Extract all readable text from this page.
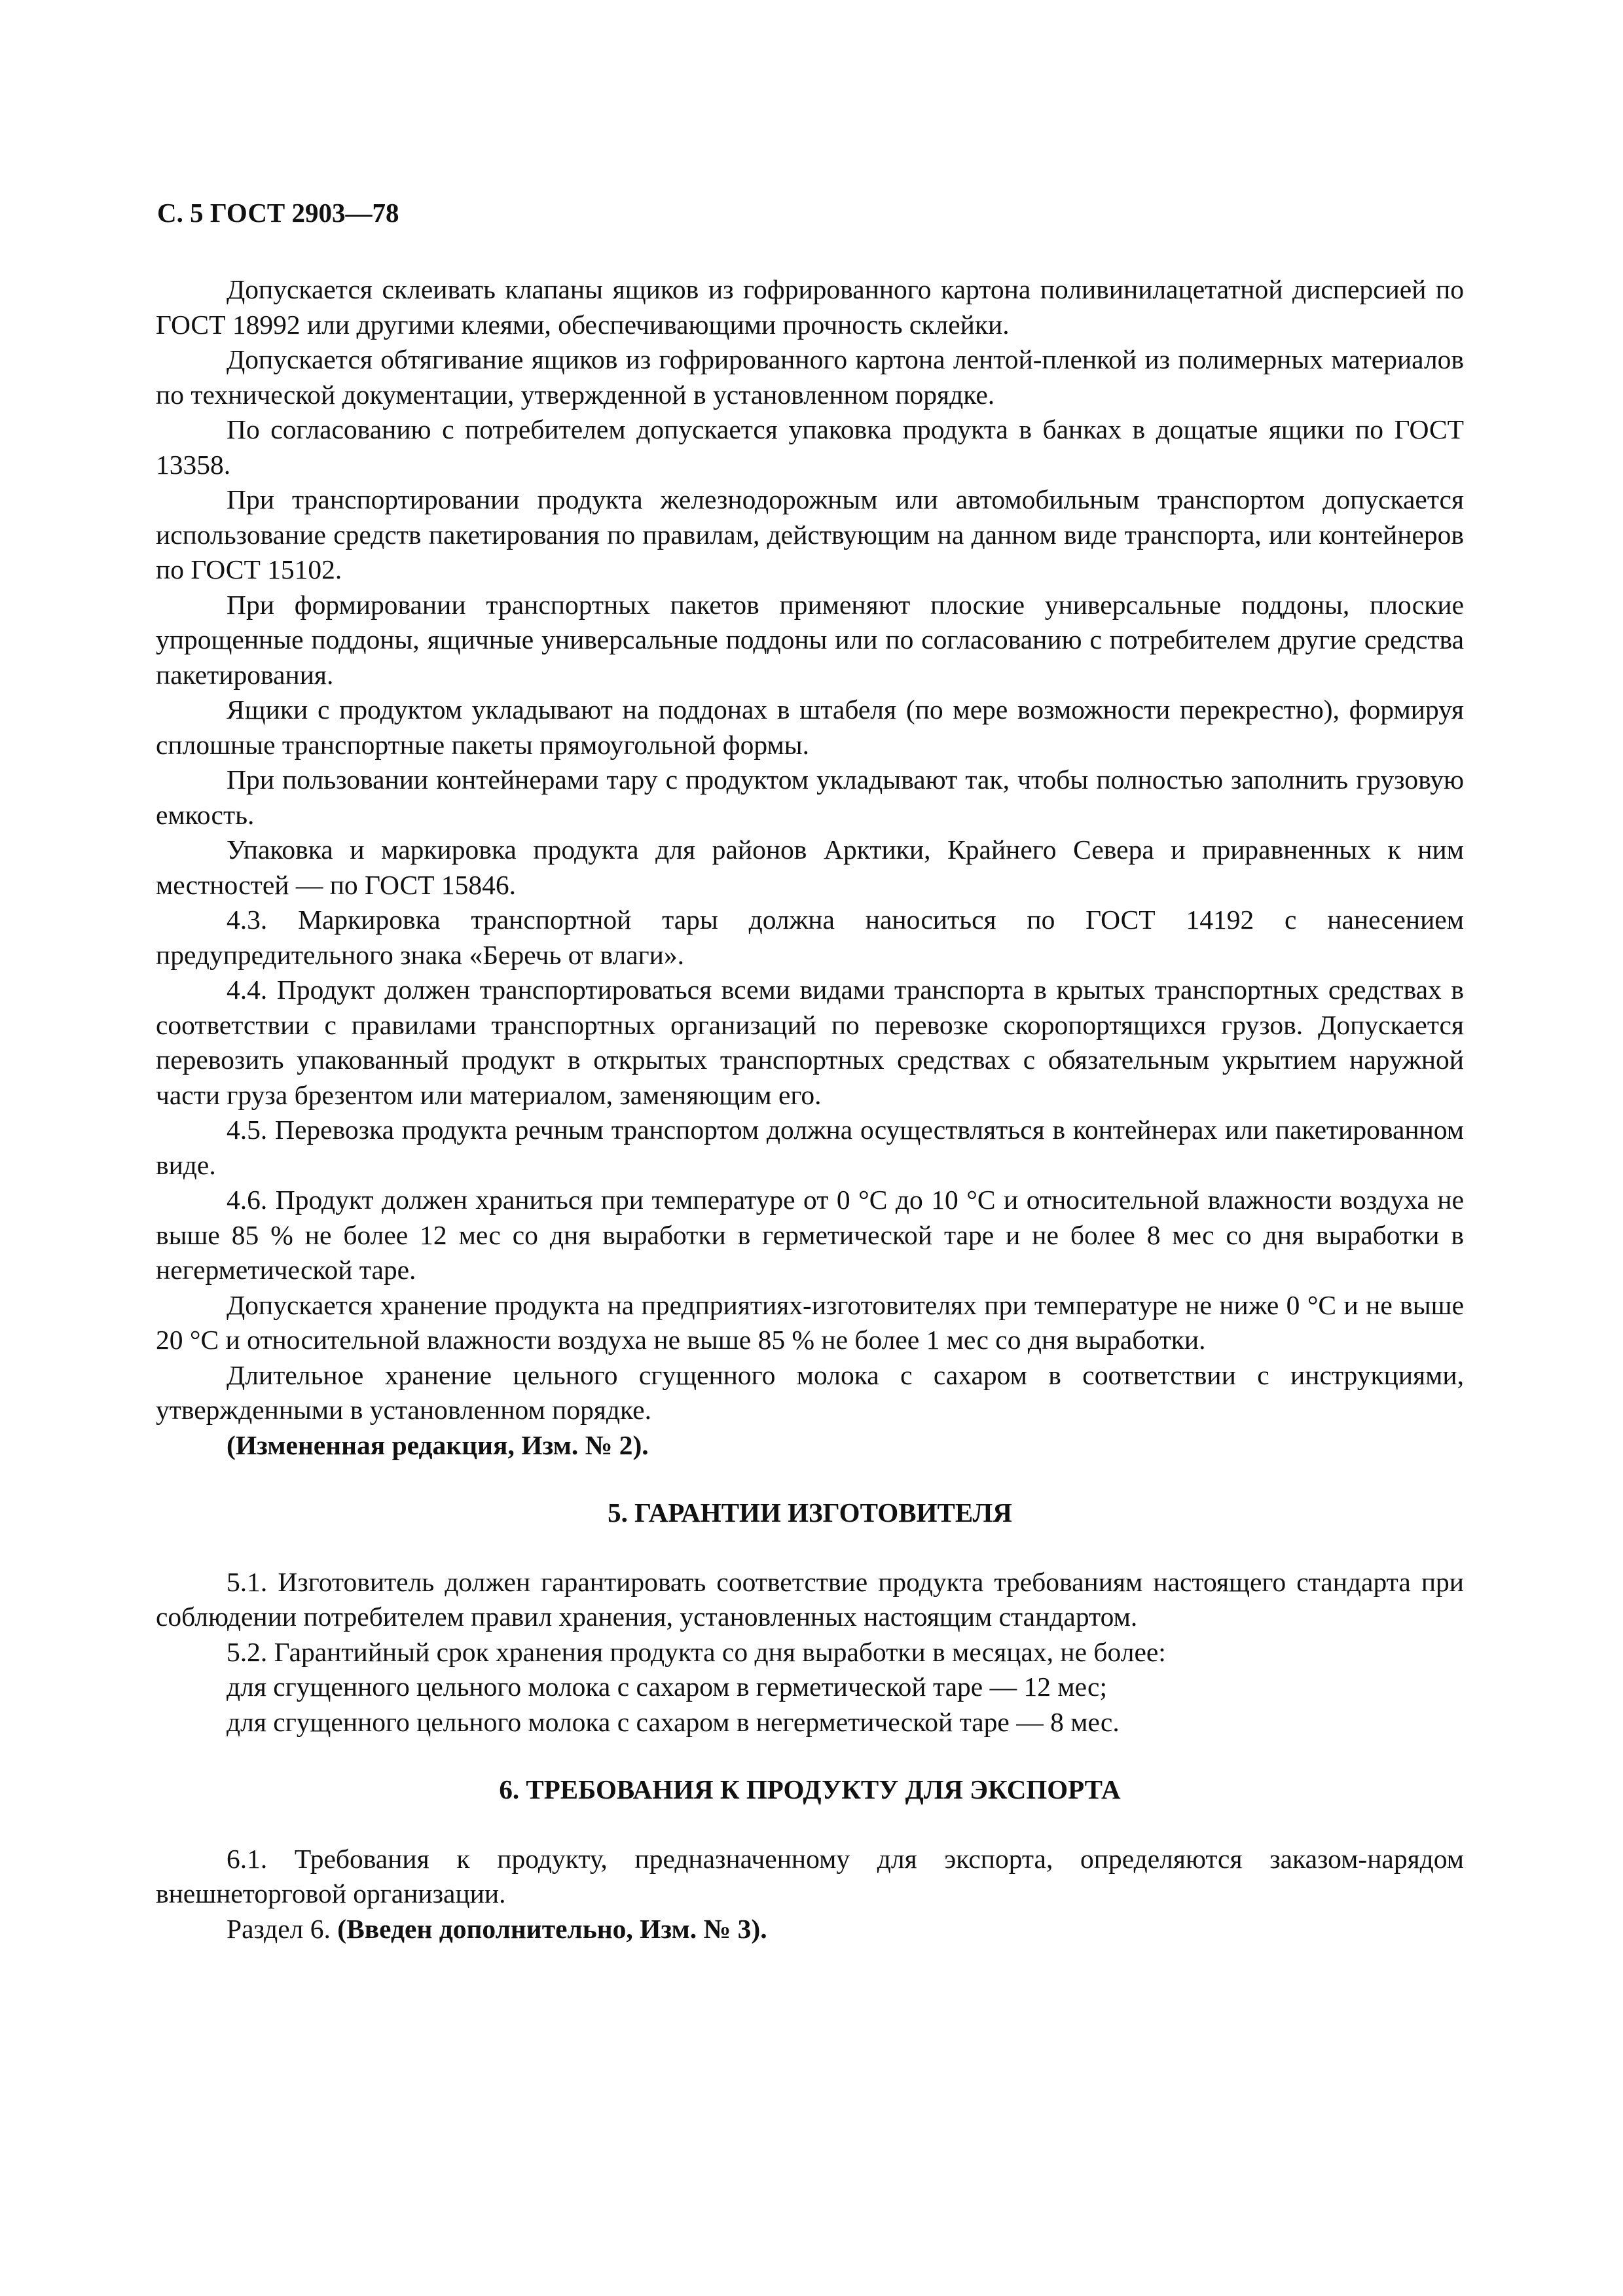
С. 5 ГОСТ 2903—78

Допускается склеивать клапаны ящиков из гофрированного картона поливинилацетатной дисперсией по ГОСТ 18992 или другими клеями, обеспечивающими прочность склейки.

Допускается обтягивание ящиков из гофрированного картона лентой-пленкой из полимерных материалов по технической документации, утвержденной в установленном порядке.

По согласованию с потребителем допускается упаковка продукта в банках в дощатые ящики по ГОСТ 13358.

При транспортировании продукта железнодорожным или автомобильным транспортом допускается использование средств пакетирования по правилам, действующим на данном виде транспорта, или контейнеров по ГОСТ 15102.

При формировании транспортных пакетов применяют плоские универсальные поддоны, плоские упрощенные поддоны, ящичные универсальные поддоны или по согласованию с потребителем другие средства пакетирования.

Ящики с продуктом укладывают на поддонах в штабеля (по мере возможности перекрестно), формируя сплошные транспортные пакеты прямоугольной формы.

При пользовании контейнерами тару с продуктом укладывают так, чтобы полностью заполнить грузовую емкость.

Упаковка и маркировка продукта для районов Арктики, Крайнего Севера и приравненных к ним местностей — по ГОСТ 15846.

4.3. Маркировка транспортной тары должна наноситься по ГОСТ 14192 с нанесением предупредительного знака «Беречь от влаги».

4.4. Продукт должен транспортироваться всеми видами транспорта в крытых транспортных средствах в соответствии с правилами транспортных организаций по перевозке скоропортящихся грузов. Допускается перевозить упакованный продукт в открытых транспортных средствах с обязательным укрытием наружной части груза брезентом или материалом, заменяющим его.

4.5. Перевозка продукта речным транспортом должна осуществляться в контейнерах или пакетированном виде.

4.6. Продукт должен храниться при температуре от 0 °С до 10 °С и относительной влажности воздуха не выше 85 % не более 12 мес со дня выработки в герметической таре и не более 8 мес со дня выработки в негерметической таре.

Допускается хранение продукта на предприятиях-изготовителях при температуре не ниже 0 °С и не выше 20 °С и относительной влажности воздуха не выше 85 % не более 1 мес со дня выработки.

Длительное хранение цельного сгущенного молока с сахаром в соответствии с инструкциями, утвержденными в установленном порядке.

(Измененная редакция, Изм. № 2).

5. ГАРАНТИИ ИЗГОТОВИТЕЛЯ

5.1. Изготовитель должен гарантировать соответствие продукта требованиям настоящего стандарта при соблюдении потребителем правил хранения, установленных настоящим стандартом.

5.2. Гарантийный срок хранения продукта со дня выработки в месяцах, не более:

для сгущенного цельного молока с сахаром в герметической таре — 12 мес;

для сгущенного цельного молока с сахаром в негерметической таре — 8 мес.

6. ТРЕБОВАНИЯ К ПРОДУКТУ ДЛЯ ЭКСПОРТА

6.1. Требования к продукту, предназначенному для экспорта, определяются заказом-нарядом внешнеторговой организации.

Раздел 6. (Введен дополнительно, Изм. № 3).
